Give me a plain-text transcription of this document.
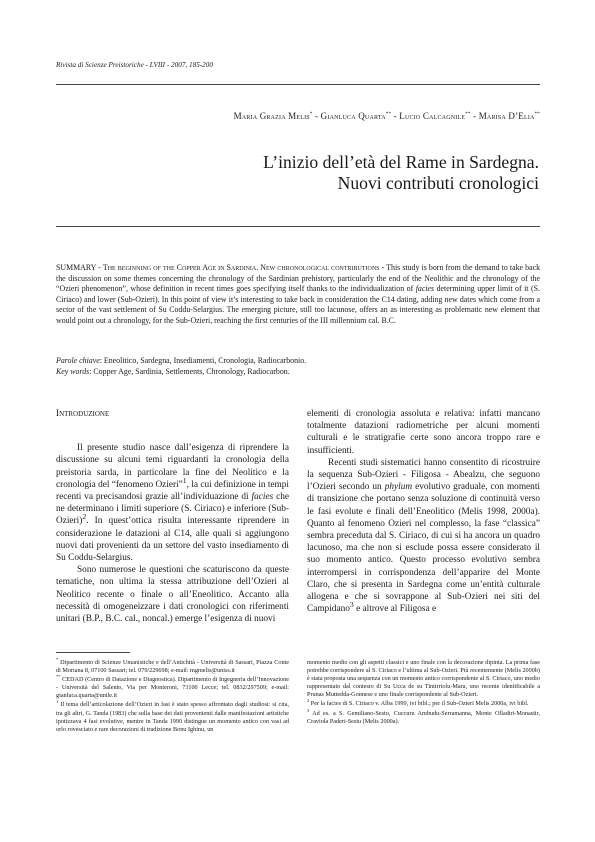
Rivista di Scienze Preistoriche - LVIII - 2007, 185-200
Maria Grazia Melis* - Gianluca Quarta** - Lucio Calcagnile** - Marisa D’Elia**
L’inizio dell’età del Rame in Sardegna.
Nuovi contributi cronologici
SUMMARY - The beginning of the Copper Age in Sardinia. New chronological contributions - This study is born from the demand to take back the discussion on some themes concerning the chronology of the Sardinian prehistory, particularly the end of the Neolithic and the chronology of the “Ozieri phenomenon”, whose definition in recent times goes specifying itself thanks to the individualization of facies determining upper limit of it (S. Ciriaco) and lower (Sub-Ozieri). In this point of view it’s interesting to take back in consideration the C14 dating, adding new dates which come from a sector of the vast settlement of Su Coddu-Selargius. The emerging picture, still too lacunose, offers an as interesting as problematic new element that would point out a chronology, for the Sub-Ozieri, reaching the first centuries of the III millennium cal. B.C.
Parole chiave: Eneolitico, Sardegna, Insediamenti, Cronologia, Radiocarbonio.
Key words: Copper Age, Sardinia, Settlements, Chronology, Radiocarbon.

Introduzione

Il presente studio nasce dall’esigenza di riprendere la discussione su alcuni temi riguardanti la cronologia della preistoria sarda, in particolare la fine del Neolitico e la cronologia del “fenomeno Ozieri”$^1$, la cui definizione in tempi recenti va precisandosi grazie all’individuazione di facies che ne determinano i limiti superiore (S. Ciriaco) e inferiore (Sub-Ozieri)$^2$. In quest’ottica risulta interessante riprendere in considerazione le datazioni al C14, alle quali si aggiungono nuovi dati provenienti da un settore del vasto insediamento di Su Coddu-Selargius.

Sono numerose le questioni che scaturiscono da queste tematiche, non ultima la stessa attribuzione dell’Ozieri al Neolitico recente o finale o all’Eneolitico. Accanto alla necessità di omogeneizzare i dati cronologici con riferimenti unitari (B.P., B.C. cal., noncal.) emerge l’esigenza di nuovi

elementi di cronologia assoluta e relativa: infatti mancano totalmente datazioni radiometriche per alcuni momenti culturali e le stratigrafie certe sono ancora troppo rare e insufficienti.

Recenti studi sistematici hanno consentito di ricostruire la sequenza Sub-Ozieri - Filigosa - Abealzu, che seguono l’Ozieri secondo un phylum evolutivo graduale, con momenti di transizione che portano senza soluzione di continuità verso le fasi evolute e finali dell’Eneolitico (Melis 1998, 2000a). Quanto al fenomeno Ozieri nel complesso, la fase “classica” sembra preceduta dal S. Ciriaco, di cui si ha ancora un quadro lacunoso, ma che non si esclude possa essere considerato il suo momento antico. Questo processo evolutivo sembra interrompersi in corrispondenza dell’apparire del Monte Claro, che si presenta in Sardegna come un’entità culturale allogena e che si sovrappone al Sub-Ozieri nei siti del Campidano$^3$ e altrove al Filigosa e

* Dipartimento di Scienze Umanistiche e dell’Antichità - Università di Sassari, Piazza Conte di Moriana 8, 07100 Sassari; tel. 079/229698; e-mail: mgmelis@uniss.it

** CEDAD (Centro di Datazione e Diagnostica). Dipartimento di Ingegneria dell’Innovazione - Università del Salento, Via per Monteroni, 73100 Lecce; tel. 0832/297509; e-mail: gianluca.quarta@unile.it

$^1$ Il tema dell’articolazione dell’Ozieri in fasi è stato spesso affrontato dagli studiosi: si cita, tra gli altri, G. Tanda (1983) che sulla base dei dati provenienti dalle manifestazioni artistiche ipotizzava 4 fasi evolutive, mentre in Tanda 1990 distingue un momento antico con vasi ad orlo rovesciato e rare decorazioni di tradizione Bonu Ighinu, un

momento medio con gli aspetti classici e uno finale con la decorazione dipinta. La prima fase potrebbe corrispondere al S. Ciriaco e l’ultima al Sub-Ozieri. Più recentemente (Melis 2000b) è stata proposta una sequenza con un momento antico corrispondente al S. Ciriaco, uno medio rappresentato dal contesto di Su Ucca de su Tintirriolu-Mara, uno recente identificabile a Prunas Muttedda-Gonnese e uno finale corrispondente al Sub-Ozieri.

$^2$ Per la facies di S. Ciriaco v. Alba 1999, ivi bibl.; per il Sub-Ozieri Melis 2000a, ivi bibl.

$^3$ Ad es. a S. Gemiliano-Sestu, Cuccuru Ambudu-Serramanna, Monte Olladiri-Monastir, Craviola Paderi-Sestu (Melis 2000a).
